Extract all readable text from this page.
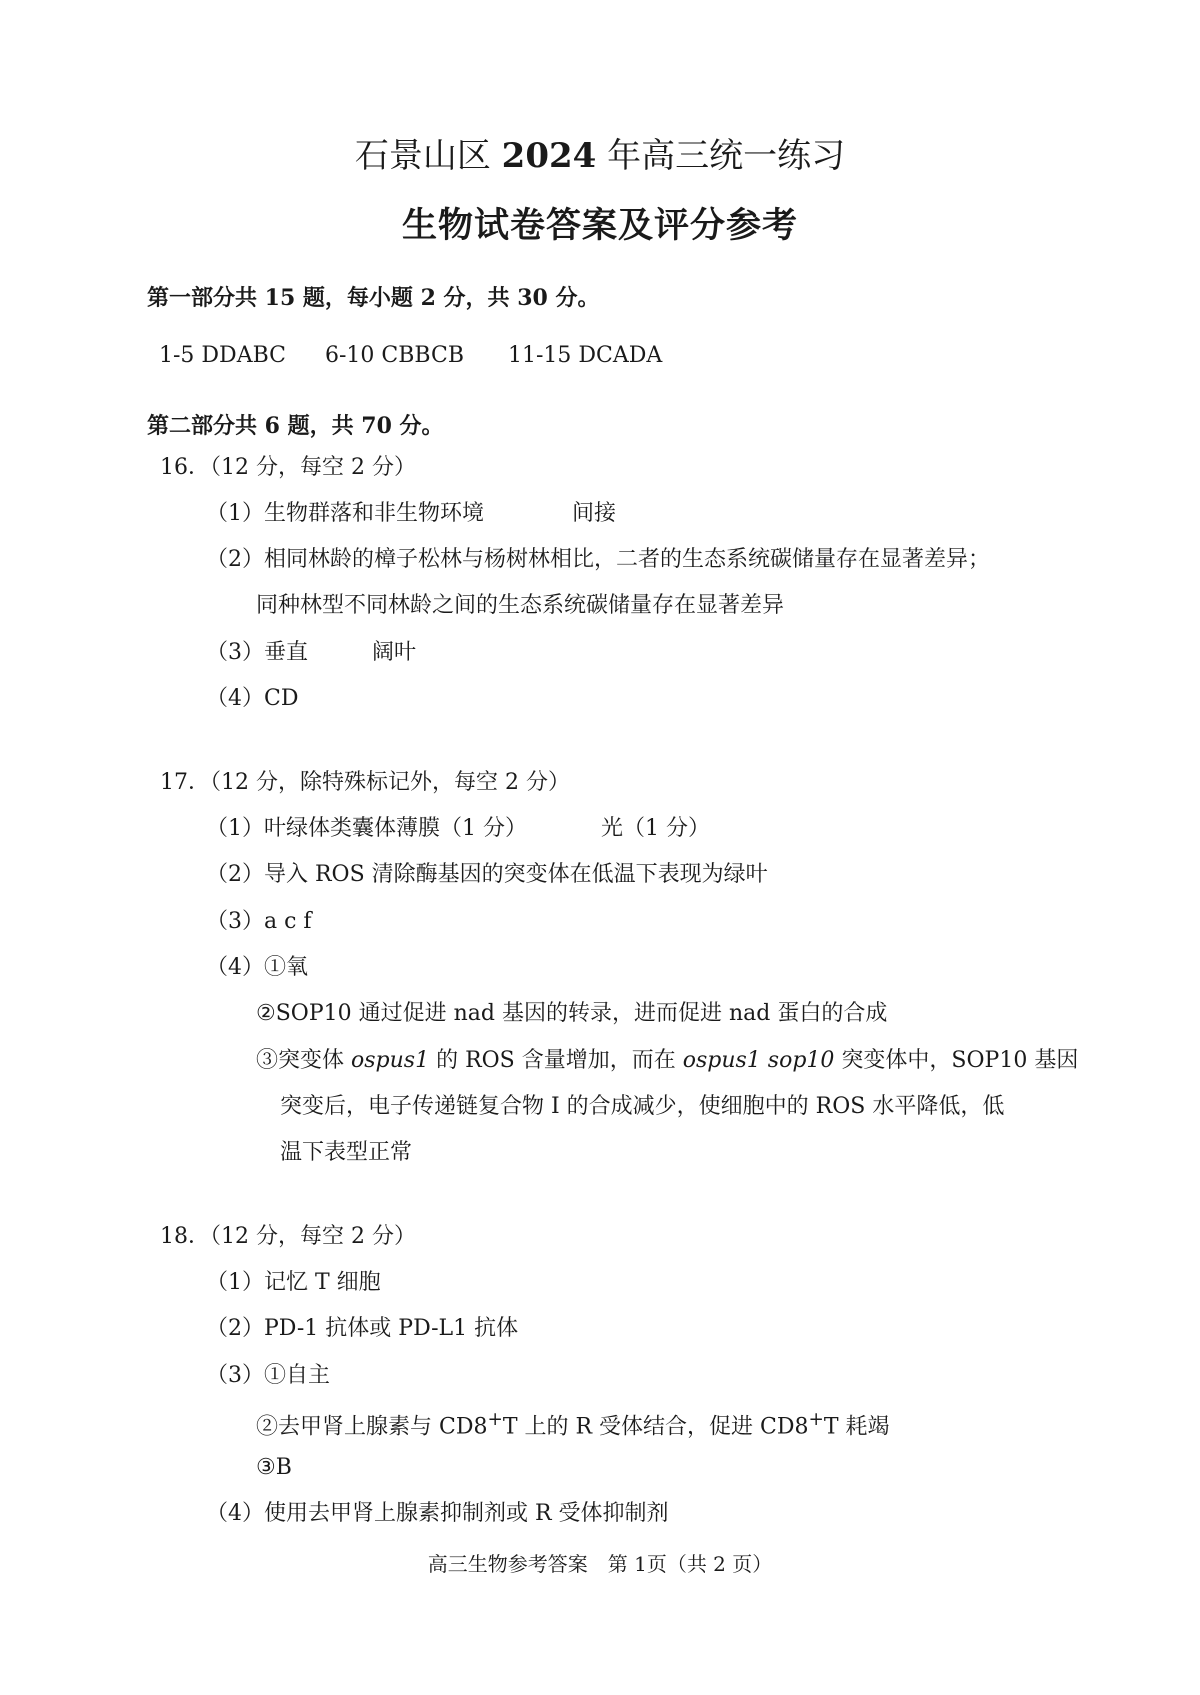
石景山区 2024 年高三统一练习
生物试卷答案及评分参考
第一部分共 15 题，每小题 2 分，共 30 分。
1-5 DDABC 6-10 CBBCB 11-15 DCADA
第二部分共 6 题，共 70 分。
16．（12 分，每空 2 分）
（1）生物群落和非生物环境	间接
（2）相同林龄的樟子松林与杨树林相比，二者的生态系统碳储量存在显著差异；
同种林型不同林龄之间的生态系统碳储量存在显著差异
（3）垂直	阔叶
（4）CD
17．（12 分，除特殊标记外，每空 2 分）
（1）叶绿体类囊体薄膜（1 分）	光（1 分）
（2）导入 ROS 清除酶基因的突变体在低温下表现为绿叶
（3）a c f
（4）①氧
②SOP10 通过促进 nad 基因的转录，进而促进 nad 蛋白的合成
③突变体 ospus1 的 ROS 含量增加，而在 ospus1 sop10 突变体中，SOP10 基因
突变后，电子传递链复合物 I 的合成减少，使细胞中的 ROS 水平降低，低
温下表型正常
18．（12 分，每空 2 分）
（1）记忆 T 细胞
（2）PD-1 抗体或 PD-L1 抗体
（3）①自主
②去甲肾上腺素与 CD8+T 上的 R 受体结合，促进 CD8+T 耗竭
③B
（4）使用去甲肾上腺素抑制剂或 R 受体抑制剂
高三生物参考答案　第 1页（共 2 页）
